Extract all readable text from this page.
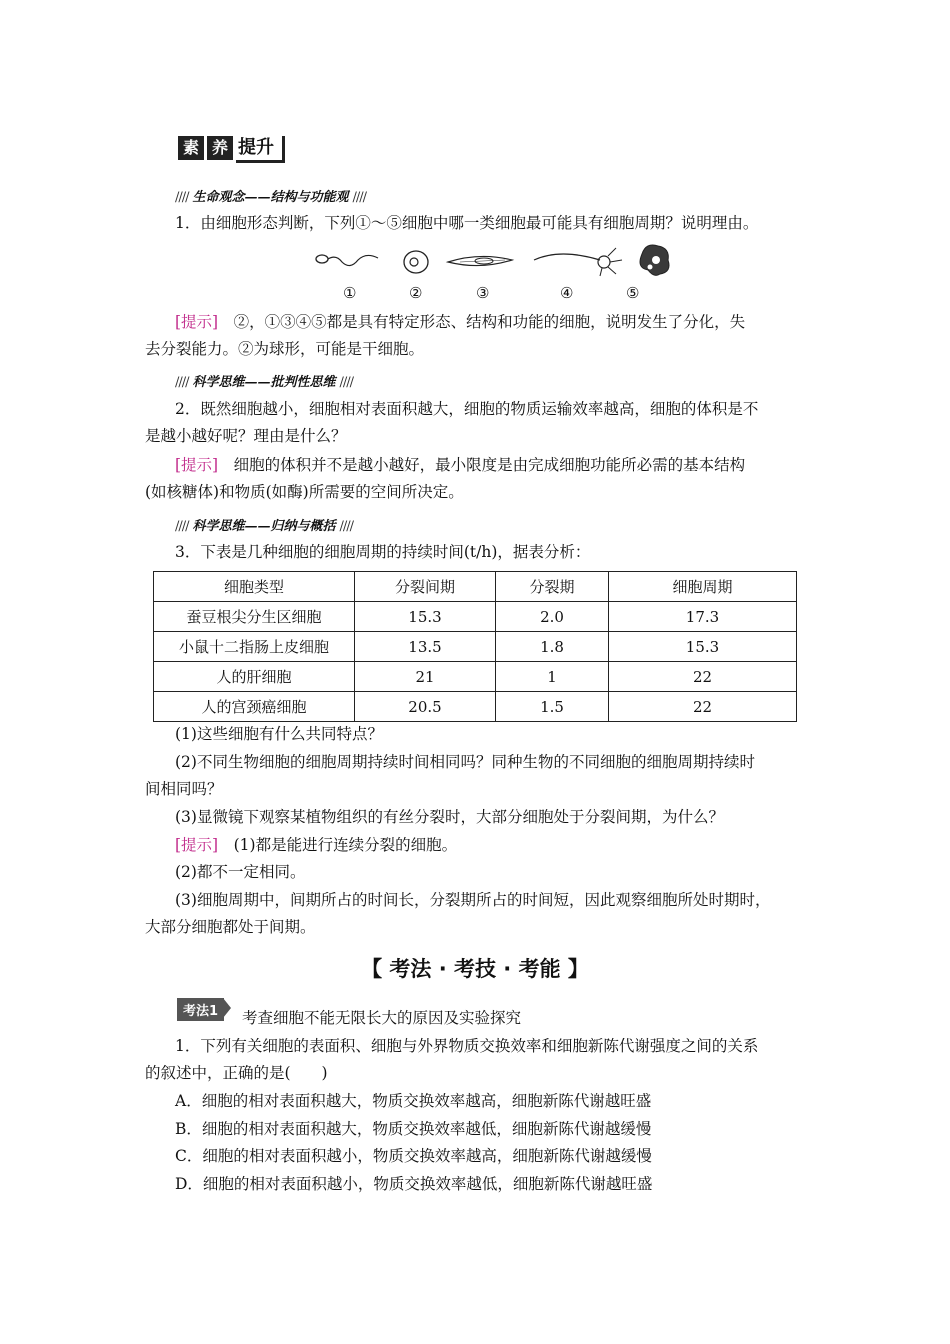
素 养 提升
//// 生命观念——结构与功能观 ////
1．由细胞形态判断，下列①～⑤细胞中哪一类细胞最可能具有细胞周期？说明理由。
①	②	③	④	⑤
[提示]　②，①③④⑤都是具有特定形态、结构和功能的细胞，说明发生了分化，失
去分裂能力。②为球形，可能是干细胞。
//// 科学思维——批判性思维 ////
2．既然细胞越小，细胞相对表面积越大，细胞的物质运输效率越高，细胞的体积是不
是越小越好呢？理由是什么？
[提示]　细胞的体积并不是越小越好，最小限度是由完成细胞功能所必需的基本结构
(如核糖体)和物质(如酶)所需要的空间所决定。
//// 科学思维——归纳与概括 ////
3．下表是几种细胞的细胞周期的持续时间(t/h)，据表分析：
细胞类型	分裂间期	分裂期	细胞周期
蚕豆根尖分生区细胞	15.3	2.0	17.3
小鼠十二指肠上皮细胞	13.5	1.8	15.3
人的肝细胞	21	1	22
人的宫颈癌细胞	20.5	1.5	22
(1)这些细胞有什么共同特点？
(2)不同生物细胞的细胞周期持续时间相同吗？同种生物的不同细胞的细胞周期持续时
间相同吗？
(3)显微镜下观察某植物组织的有丝分裂时，大部分细胞处于分裂间期，为什么？
[提示]　(1)都是能进行连续分裂的细胞。
(2)都不一定相同。
(3)细胞周期中，间期所占的时间长，分裂期所占的时间短，因此观察细胞所处时期时，
大部分细胞都处于间期。
【 考法 · 考技 · 考能 】
考法1	考查细胞不能无限长大的原因及实验探究
1．下列有关细胞的表面积、细胞与外界物质交换效率和细胞新陈代谢强度之间的关系
的叙述中，正确的是(　　)
A．细胞的相对表面积越大，物质交换效率越高，细胞新陈代谢越旺盛
B．细胞的相对表面积越大，物质交换效率越低，细胞新陈代谢越缓慢
C．细胞的相对表面积越小，物质交换效率越高，细胞新陈代谢越缓慢
D．细胞的相对表面积越小，物质交换效率越低，细胞新陈代谢越旺盛
